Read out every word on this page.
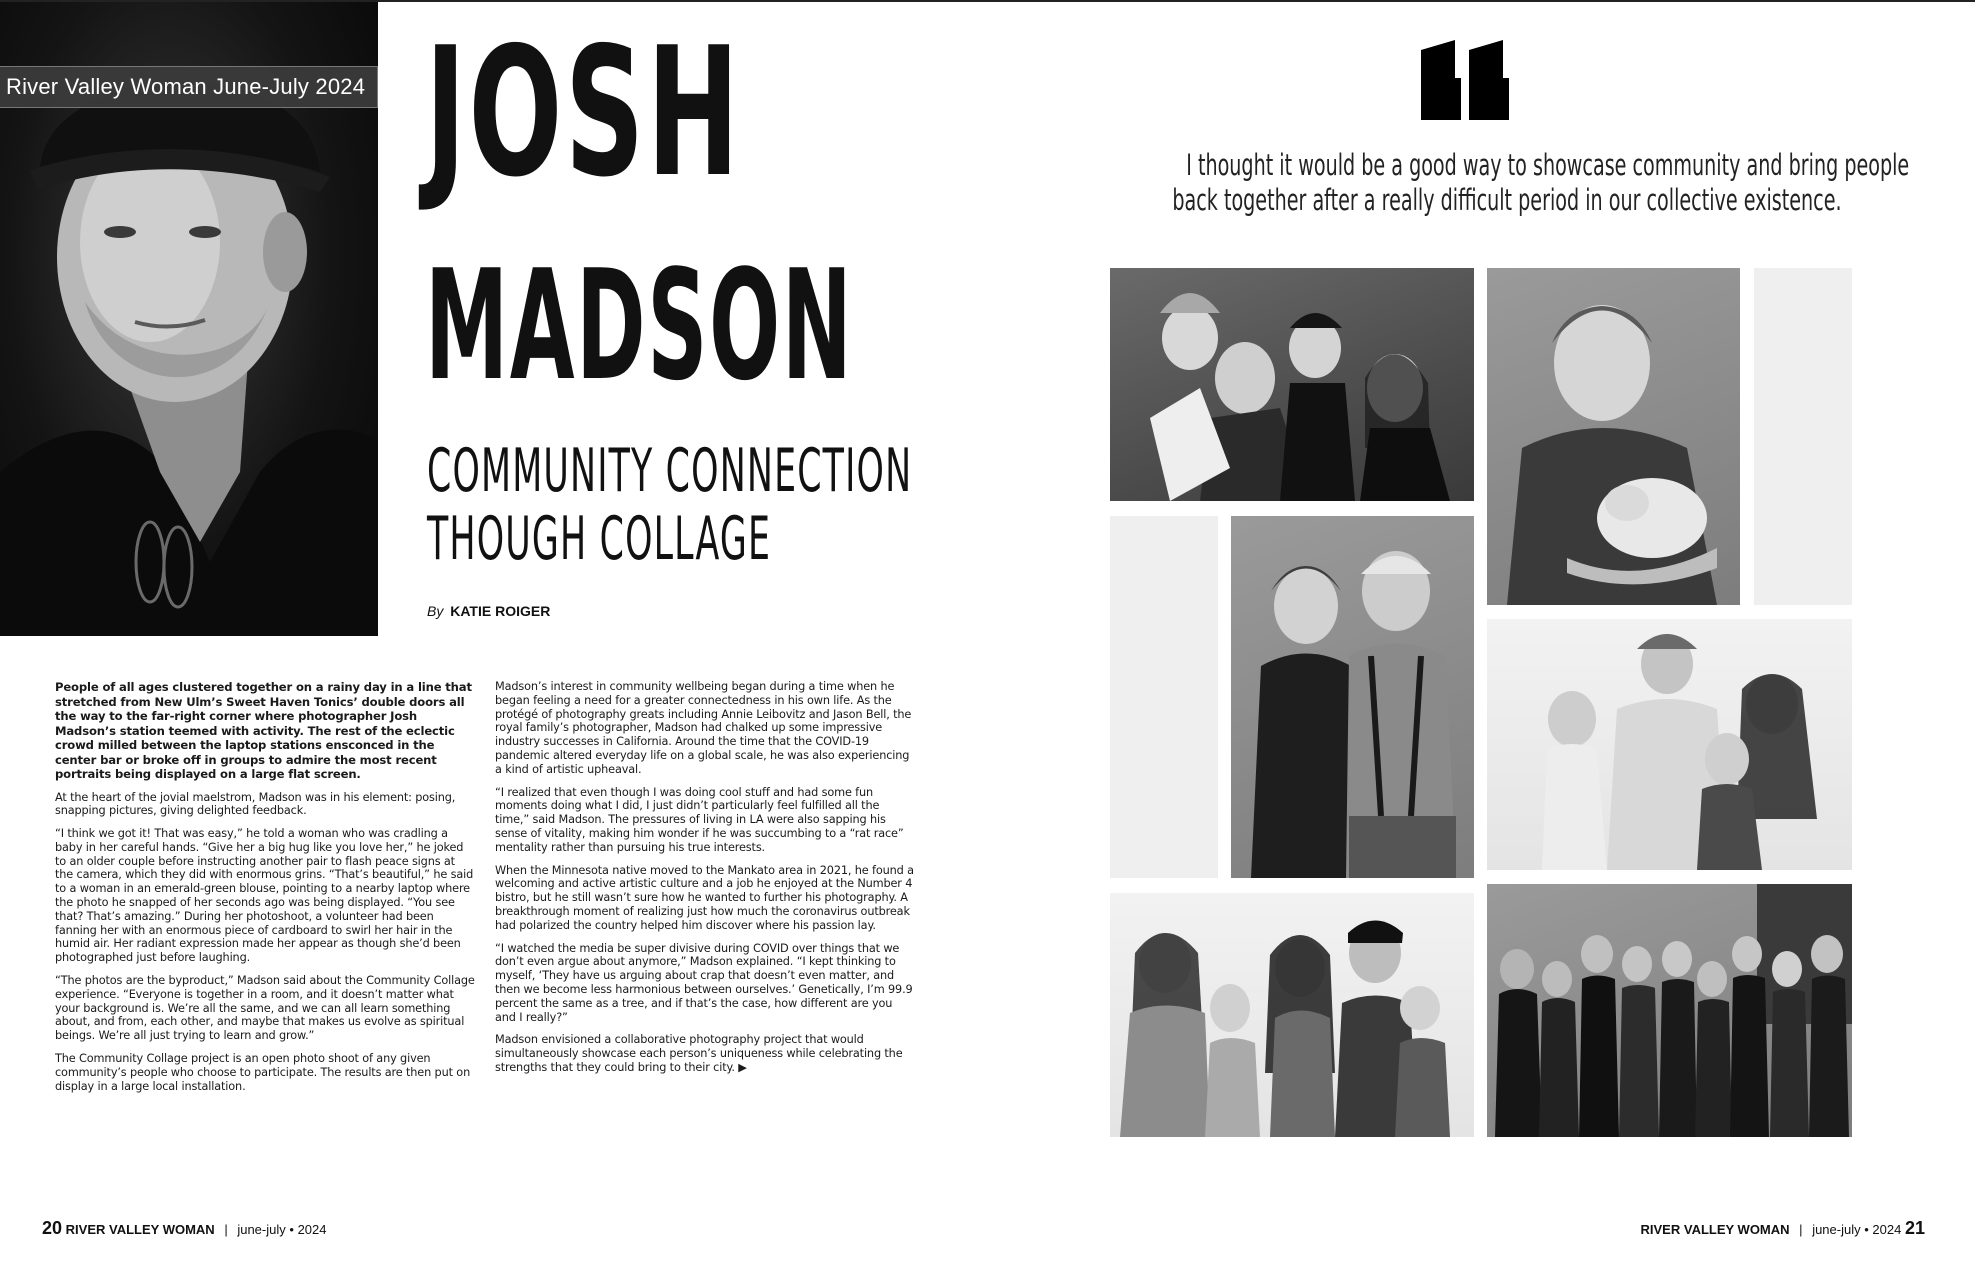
River Valley Woman June-July 2024 JOSH
MADSON
COMMUNITY CONNECTION
THOUGH COLLAGE
By KATIE ROIGER

People of all ages clustered together on a rainy day in a line that stretched from New Ulm’s Sweet Haven Tonics’ double doors all the way to the far-right corner where photographer Josh Madson’s station teemed with activity. The rest of the eclectic crowd milled between the laptop stations ensconced in the center bar or broke off in groups to admire the most recent portraits being displayed on a large flat screen.

At the heart of the jovial maelstrom, Madson was in his element: posing, snapping pictures, giving delighted feedback.

“I think we got it! That was easy,” he told a woman who was cradling a baby in her careful hands. “Give her a big hug like you love her,” he joked to an older couple before instructing another pair to flash peace signs at the camera, which they did with enormous grins. “That’s beautiful,” he said to a woman in an emerald-green blouse, pointing to a nearby laptop where the photo he snapped of her seconds ago was being displayed. “You see that? That’s amazing.” During her photoshoot, a volunteer had been fanning her with an enormous piece of cardboard to swirl her hair in the humid air. Her radiant expression made her appear as though she’d been photographed just before laughing.

“The photos are the byproduct,” Madson said about the Community Collage experience. “Everyone is together in a room, and it doesn’t matter what your background is. We’re all the same, and we can all learn something about, and from, each other, and maybe that makes us evolve as spiritual beings. We’re all just trying to learn and grow.”

The Community Collage project is an open photo shoot of any given community’s people who choose to participate. The results are then put on display in a large local installation.

Madson’s interest in community wellbeing began during a time when he began feeling a need for a greater connectedness in his own life. As the protégé of photography greats including Annie Leibovitz and Jason Bell, the royal family’s photographer, Madson had chalked up some impressive industry successes in California. Around the time that the COVID-19 pandemic altered everyday life on a global scale, he was also experiencing a kind of artistic upheaval.

“I realized that even though I was doing cool stuff and had some fun moments doing what I did, I just didn’t particularly feel fulfilled all the time,” said Madson. The pressures of living in LA were also sapping his sense of vitality, making him wonder if he was succumbing to a “rat race” mentality rather than pursuing his true interests.

When the Minnesota native moved to the Mankato area in 2021, he found a welcoming and active artistic culture and a job he enjoyed at the Number 4 bistro, but he still wasn’t sure how he wanted to further his photography. A breakthrough moment of realizing just how much the coronavirus outbreak had polarized the country helped him discover where his passion lay.

“I watched the media be super divisive during COVID over things that we don’t even argue about anymore,” Madson explained. “I kept thinking to myself, ‘They have us arguing about crap that doesn’t even matter, and then we become less harmonious between ourselves.’ Genetically, I’m 99.9 percent the same as a tree, and if that’s the case, how different are you and I really?”

Madson envisioned a collaborative photography project that would simultaneously showcase each person’s uniqueness while celebrating the strengths that they could bring to their city. ▶

20 RIVER VALLEY WOMAN | june-july • 2024
I thought it would be a good way to showcase community and bring people
back together after a really difficult period in our collective existence.
RIVER VALLEY WOMAN | june-july • 2024 21
